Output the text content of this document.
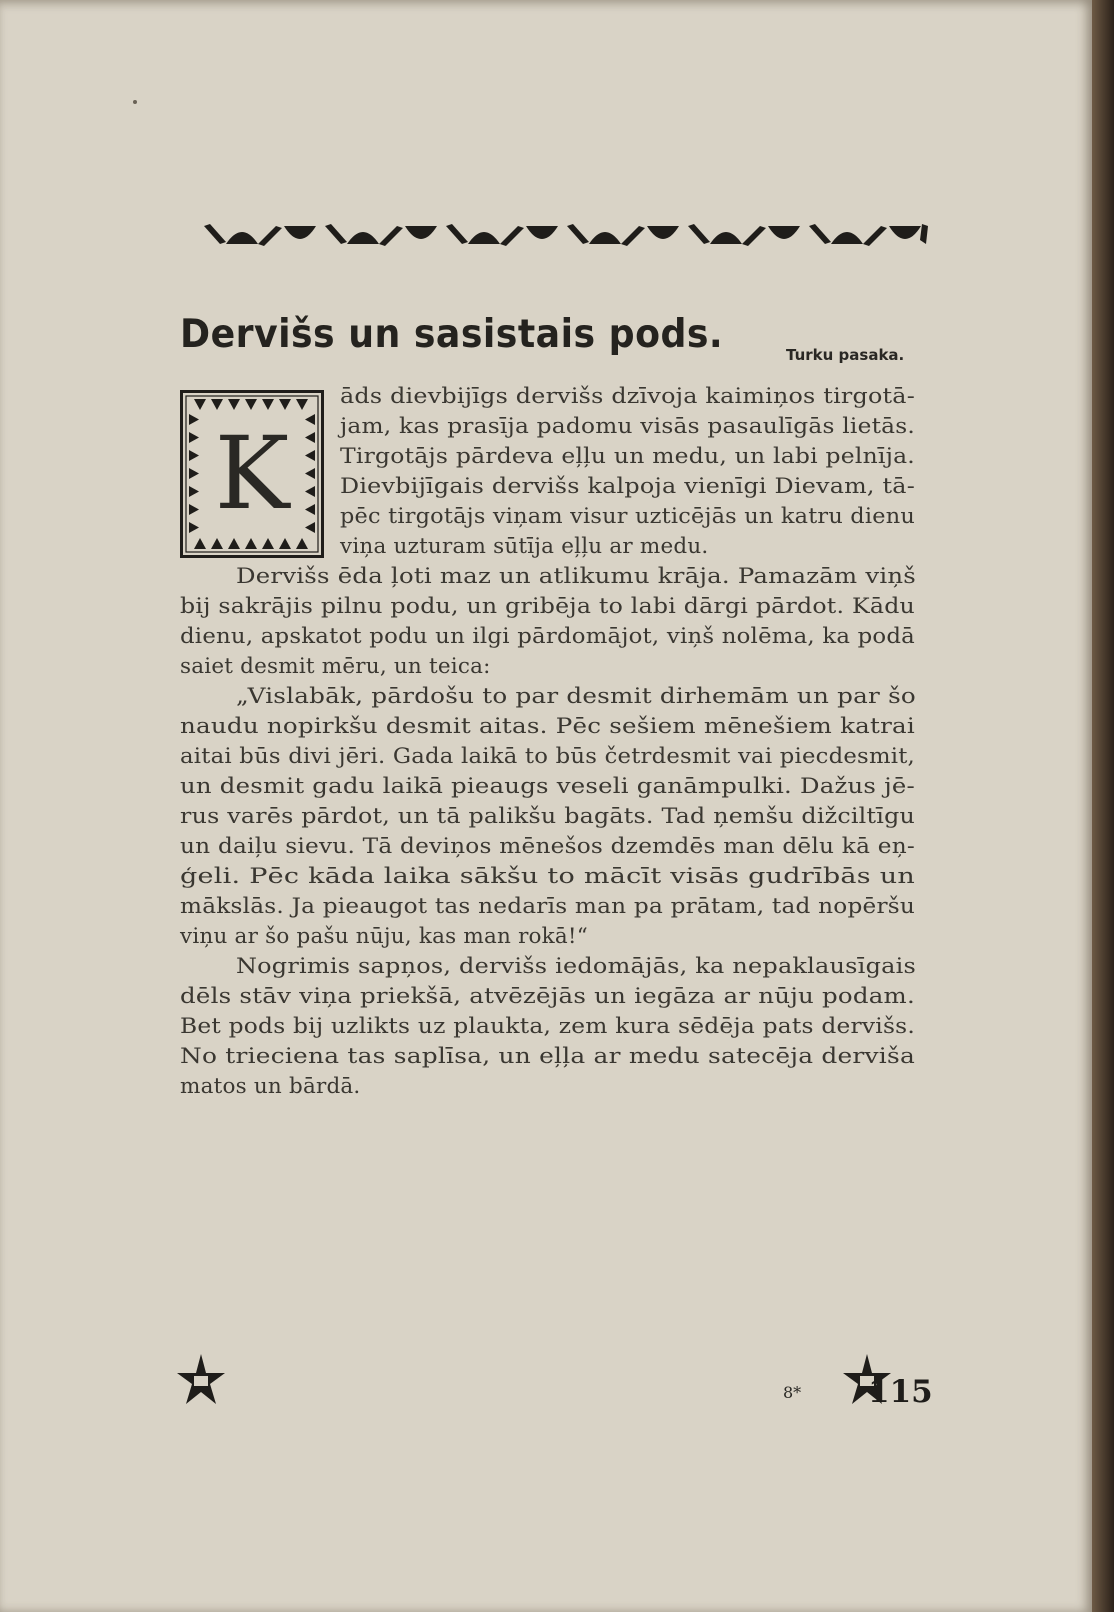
Dervišs un sasistais pods.	Turku pasaka.
K
āds dievbijīgs dervišs dzīvoja kaimiņos tirgotā-
jam, kas prasīja padomu visās pasaulīgās lietās.
Tirgotājs pārdeva eļļu un medu, un labi pelnīja.
Dievbijīgais dervišs kalpoja vienīgi Dievam, tā-
pēc tirgotājs viņam visur uzticējās un katru dienu
viņa uzturam sūtīja eļļu ar medu.
Dervišs ēda ļoti maz un atlikumu krāja. Pamazām viņš
bij sakrājis pilnu podu, un gribēja to labi dārgi pārdot. Kādu
dienu, apskatot podu un ilgi pārdomājot, viņš nolēma, ka podā
saiet desmit mēru, un teica:
„Vislabāk, pārdošu to par desmit dirhemām un par šo
naudu nopirkšu desmit aitas. Pēc sešiem mēnešiem katrai
aitai būs divi jēri. Gada laikā to būs četrdesmit vai piecdesmit,
un desmit gadu laikā pieaugs veseli ganāmpulki. Dažus jē-
rus varēs pārdot, un tā palikšu bagāts. Tad ņemšu dižciltīgu
un daiļu sievu. Tā deviņos mēnešos dzemdēs man dēlu kā eņ-
ģeli. Pēc kāda laika sākšu to mācīt visās gudrībās un
mākslās. Ja pieaugot tas nedarīs man pa prātam, tad nopēršu
viņu ar šo pašu nūju, kas man rokā!“
Nogrimis sapņos, dervišs iedomājās, ka nepaklausīgais
dēls stāv viņa priekšā, atvēzējās un iegāza ar nūju podam.
Bet pods bij uzlikts uz plaukta, zem kura sēdēja pats dervišs.
No trieciena tas saplīsa, un eļļa ar medu satecēja derviša
matos un bārdā.
8* 115
